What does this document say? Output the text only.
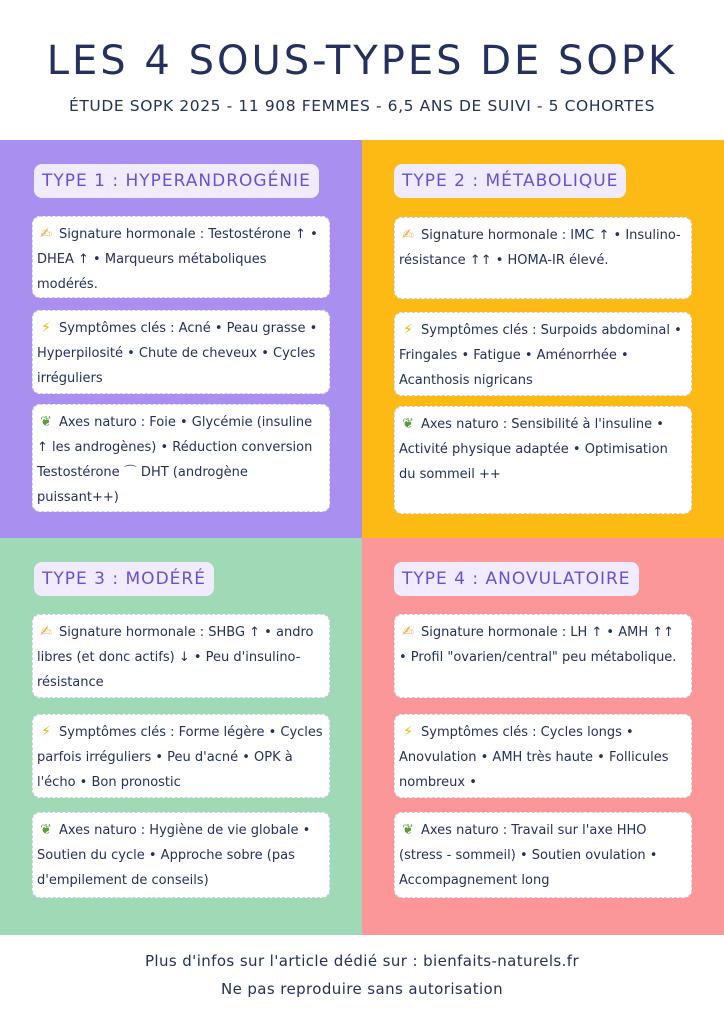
LES 4 SOUS-TYPES DE SOPK
ÉTUDE SOPK 2025 - 11 908 FEMMES - 6,5 ANS DE SUIVI - 5 COHORTES
TYPE 1 : HYPERANDROGÉNIE
✍ Signature hormonale : Testostérone ↑ • DHEA ↑ • Marqueurs métaboliques modérés.
⚡ Symptômes clés : Acné • Peau grasse • Hyperpilosité • Chute de cheveux • Cycles irréguliers
❦ Axes naturo : Foie • Glycémie (insuline ↑ les androgènes) • Réduction conversion Testostérone ⌒ DHT (androgène puissant++)
TYPE 2 : MÉTABOLIQUE
✍ Signature hormonale : IMC ↑ • Insulino-résistance ↑↑ • HOMA-IR élevé.
⚡ Symptômes clés : Surpoids abdominal • Fringales • Fatigue • Aménorrhée • Acanthosis nigricans
❦ Axes naturo : Sensibilité à l'insuline • Activité physique adaptée • Optimisation du sommeil ++
TYPE 3 : MODÉRÉ
✍ Signature hormonale : SHBG ↑ • andro libres (et donc actifs) ↓ • Peu d'insulino-résistance
⚡ Symptômes clés : Forme légère • Cycles parfois irréguliers • Peu d'acné • OPK à l'écho • Bon pronostic
❦ Axes naturo : Hygiène de vie globale • Soutien du cycle • Approche sobre (pas d'empilement de conseils)
TYPE 4 : ANOVULATOIRE
✍ Signature hormonale : LH ↑ • AMH ↑↑ • Profil "ovarien/central" peu métabolique.
⚡ Symptômes clés : Cycles longs • Anovulation • AMH très haute • Follicules nombreux •
❦ Axes naturo : Travail sur l'axe HHO (stress - sommeil) • Soutien ovulation • Accompagnement long
Plus d'infos sur l'article dédié sur : bienfaits-naturels.fr
Ne pas reproduire sans autorisation
